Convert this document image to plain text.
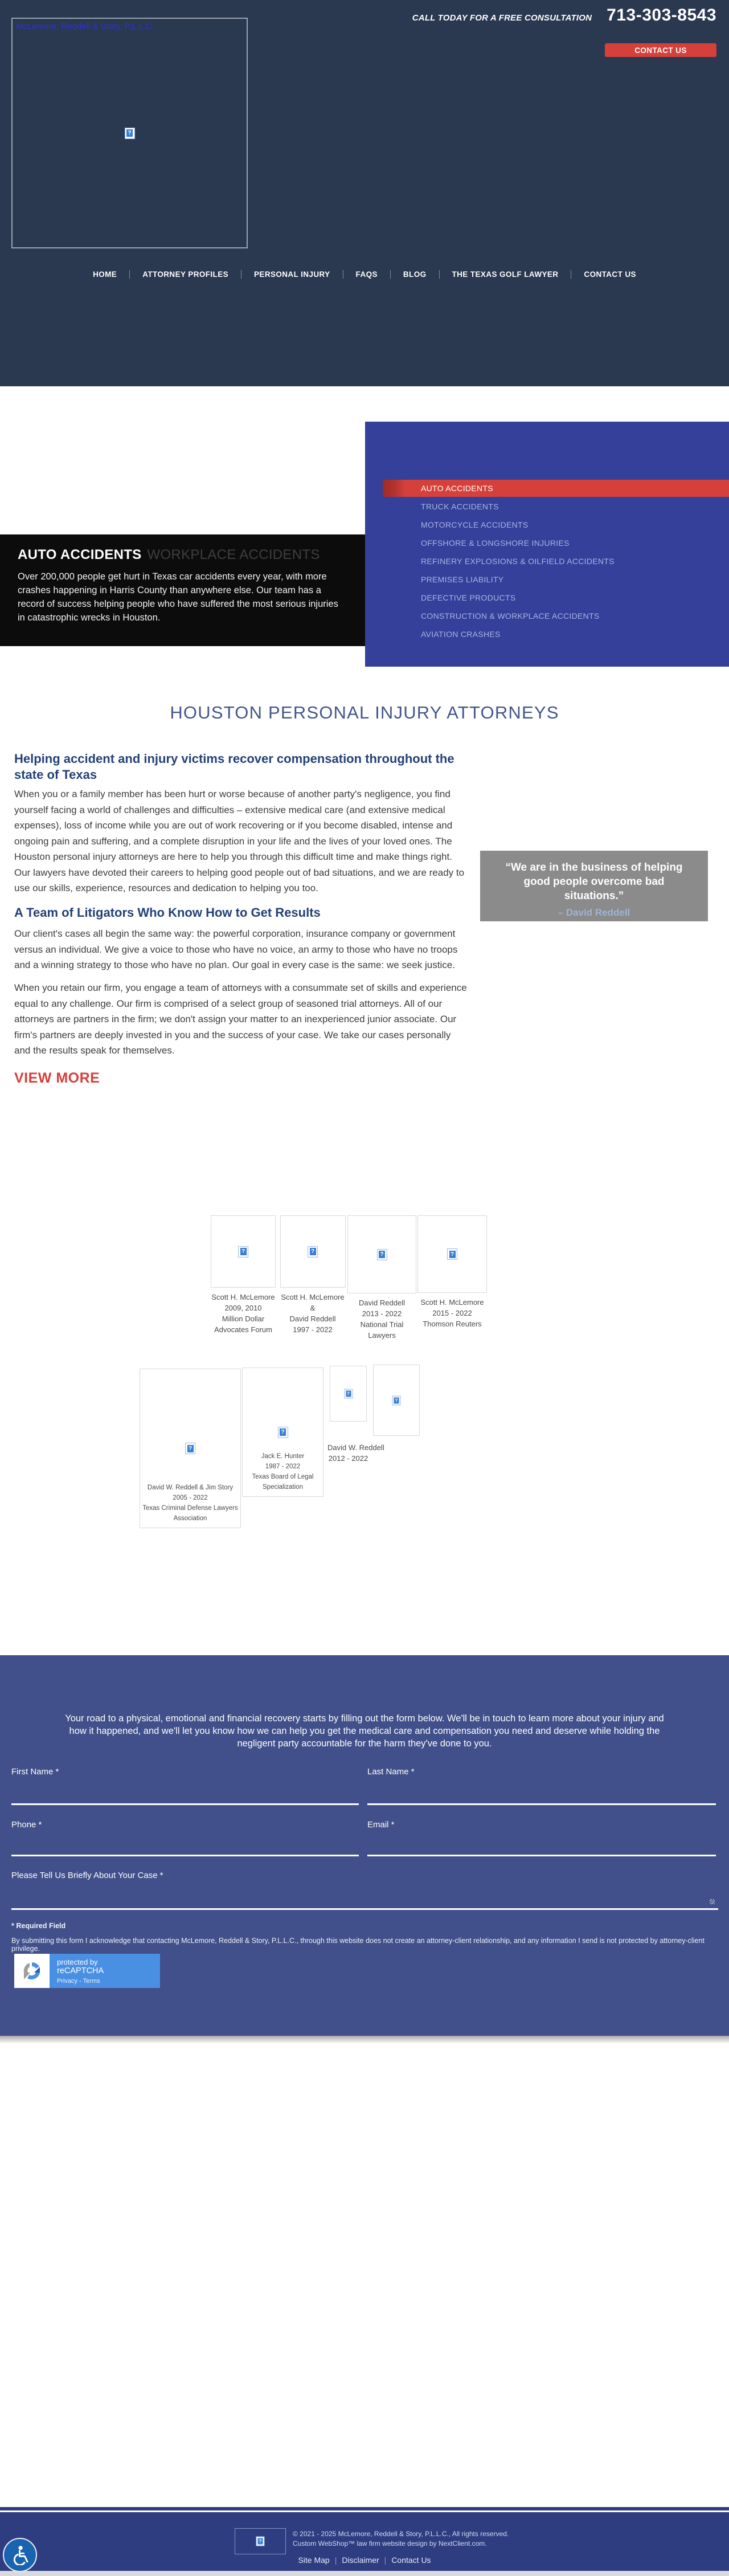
McLemore, Reddell & Story, P.L.L.C.
?
CALL TODAY FOR A FREE CONSULTATION 713-303-8543
CONTACT US
HOME	ATTORNEY PROFILES	PERSONAL INJURY	FAQS	BLOG	THE TEXAS GOLF LAWYER	CONTACT US
AUTO ACCIDENTS WORKPLACE ACCIDENTS
Over 200,000 people get hurt in Texas car accidents every year, with more crashes happening in Harris County than anywhere else. Our team has a record of success helping people who have suffered the most serious injuries in catastrophic wrecks in Houston.
AUTO ACCIDENTS
TRUCK ACCIDENTS
MOTORCYCLE ACCIDENTS
OFFSHORE & LONGSHORE INJURIES
REFINERY EXPLOSIONS & OILFIELD ACCIDENTS
PREMISES LIABILITY
DEFECTIVE PRODUCTS
CONSTRUCTION & WORKPLACE ACCIDENTS
AVIATION CRASHES
HOUSTON PERSONAL INJURY ATTORNEYS
Helping accident and injury victims recover compensation throughout the state of Texas
When you or a family member has been hurt or worse because of another party's negligence, you find yourself facing a world of challenges and difficulties – extensive medical care (and extensive medical expenses), loss of income while you are out of work recovering or if you become disabled, intense and ongoing pain and suffering, and a complete disruption in your life and the lives of your loved ones. The Houston personal injury attorneys are here to help you through this difficult time and make things right. Our lawyers have devoted their careers to helping good people out of bad situations, and we are ready to use our skills, experience, resources and dedication to helping you too.
“We are in the business of helping good people overcome bad situations.”
– David Reddell
A Team of Litigators Who Know How to Get Results
Our client's cases all begin the same way: the powerful corporation, insurance company or government versus an individual. We give a voice to those who have no voice, an army to those who have no troops and a winning strategy to those who have no plan. Our goal in every case is the same: we seek justice.
When you retain our firm, you engage a team of attorneys with a consummate set of skills and experience equal to any challenge. Our firm is comprised of a select group of seasoned trial attorneys. All of our attorneys are partners in the firm; we don't assign your matter to an inexperienced junior associate. Our firm's partners are deeply invested in you and the success of your case. We take our cases personally and the results speak for themselves.
VIEW MORE
?
Scott H. McLemore
2009, 2010
Million Dollar
Advocates Forum
?
Scott H. McLemore &
David Reddell
1997 - 2022
?
David Reddell
2013 - 2022
National Trial
Lawyers
?
Scott H. McLemore
2015 - 2022
Thomson Reuters
?
David W. Reddell & Jim Story
2005 - 2022
Texas Criminal Defense Lawyers Association
?
Jack E. Hunter
1987 - 2022
Texas Board of Legal Specialization
?
David W. Reddell
2012 - 2022
?
Your road to a physical, emotional and financial recovery starts by filling out the form below. We'll be in touch to learn more about your injury and how it happened, and we'll let you know how we can help you get the medical care and compensation you need and deserve while holding the negligent party accountable for the harm they've done to you.
First Name *	Last Name *
Phone *	Email *
Please Tell Us Briefly About Your Case *
* Required Field
By submitting this form I acknowledge that contacting McLemore, Reddell & Story, P.L.L.C., through this website does not create an attorney-client relationship, and any information I send is not protected by attorney-client privilege.
protected by
reCAPTCHA
Privacy - Terms
?
© 2021 - 2025 McLemore, Reddell & Story, P.L.L.C., All rights reserved.
Custom WebShop™ law firm website design by NextClient.com.
Site Map | Disclaimer | Contact Us
